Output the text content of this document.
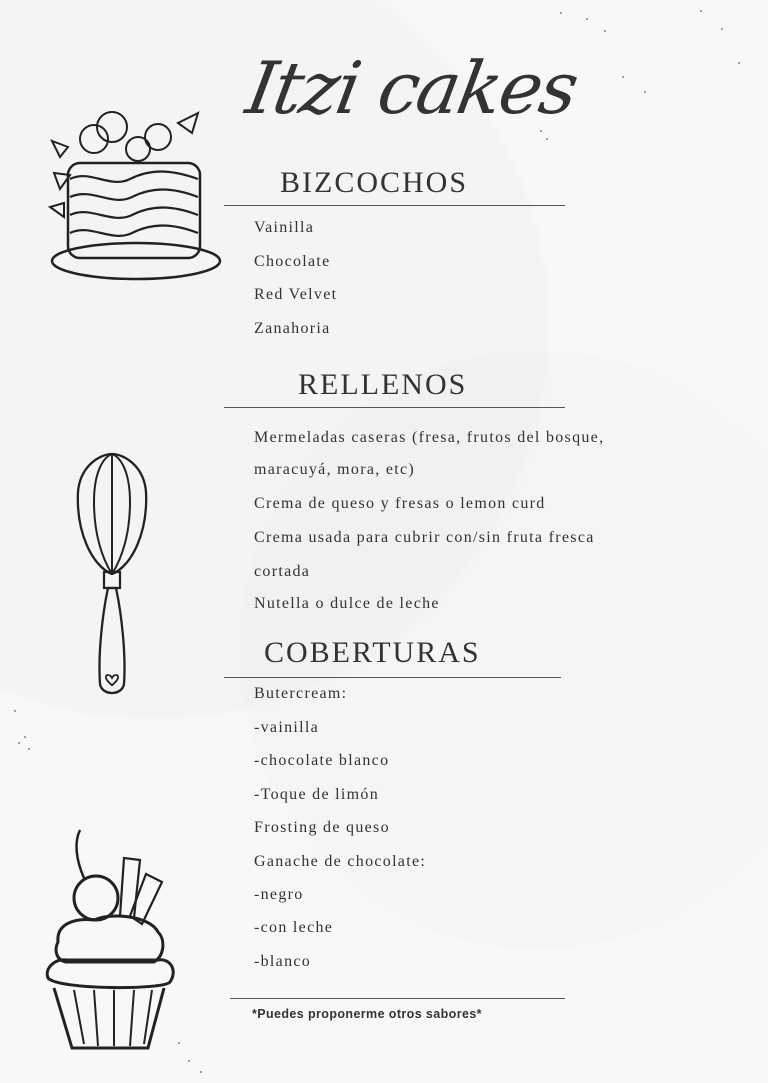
Itzi cakes
BIZCOCHOS
Vainilla
Chocolate
Red Velvet
Zanahoria
RELLENOS
Mermeladas caseras (fresa, frutos del bosque,
maracuyá, mora, etc)
Crema de queso y fresas o lemon curd
Crema usada para cubrir con/sin fruta fresca
cortada
Nutella o dulce de leche
COBERTURAS
Butercream:
-vainilla
-chocolate blanco
-Toque de limón
Frosting de queso
Ganache de chocolate:
-negro
-con leche
-blanco
*Puedes proponerme otros sabores*
